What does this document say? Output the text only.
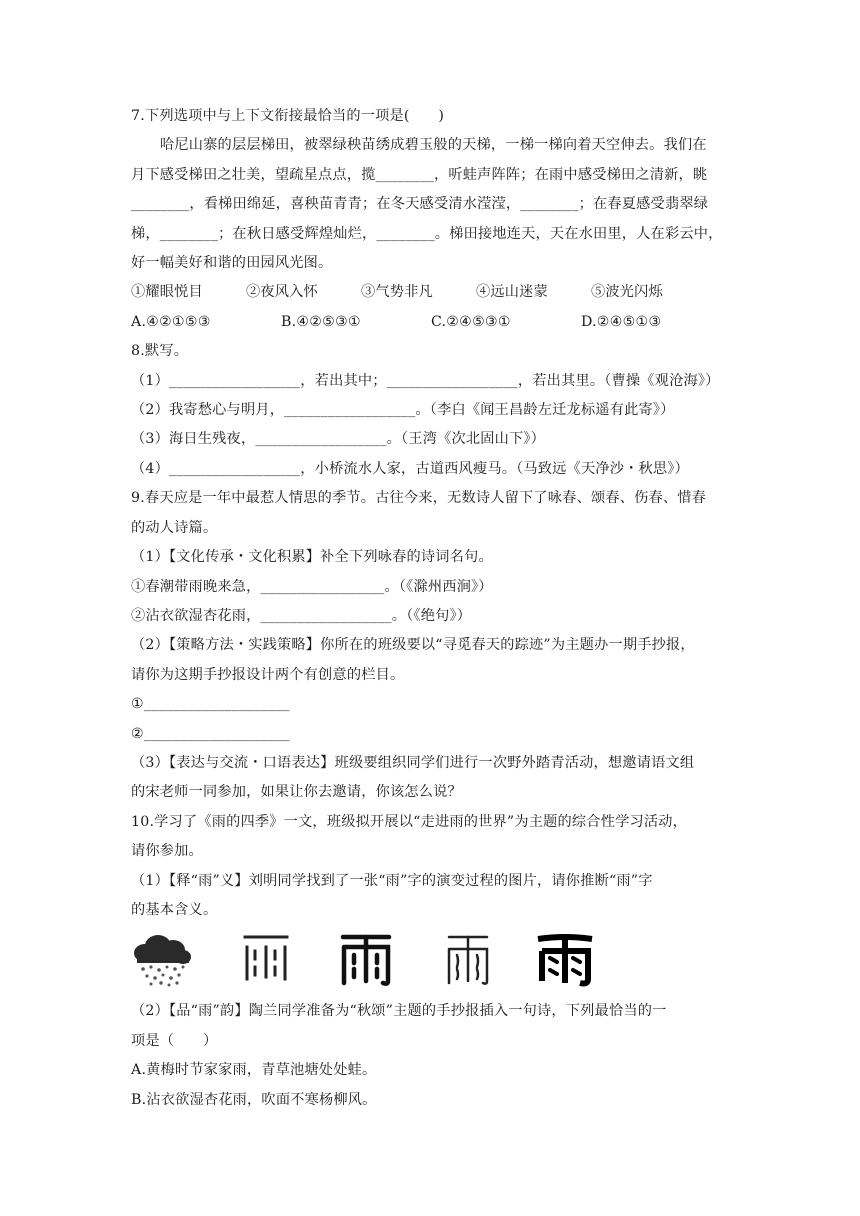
7.下列选项中与上下文衔接最恰当的一项是(　　)
哈尼山寨的层层梯田，被翠绿秧苗绣成碧玉般的天梯，一梯一梯向着天空伸去。我们在
月下感受梯田之壮美，望疏星点点，揽________，听蛙声阵阵；在雨中感受梯田之清新，眺
________，看梯田绵延，喜秧苗青青；在冬天感受清水滢滢，________；在春夏感受翡翠绿
梯，________；在秋日感受辉煌灿烂，________。梯田接地连天，天在水田里，人在彩云中，
好一幅美好和谐的田园风光图。
①耀眼悦目	②夜风入怀	③气势非凡	④远山迷蒙	⑤波光闪烁
A.④②①⑤③	B.④②⑤③①	C.②④⑤③①	D.②④⑤①③
8.默写。
（1）__________________，若出其中；__________________，若出其里。（曹操《观沧海》）
（2）我寄愁心与明月，__________________。（李白《闻王昌龄左迁龙标遥有此寄》）
（3）海日生残夜，__________________。（王湾《次北固山下》）
（4）__________________，小桥流水人家，古道西风瘦马。（马致远《天净沙・秋思》）
9.春天应是一年中最惹人情思的季节。古往今来，无数诗人留下了咏春、颂春、伤春、惜春
的动人诗篇。
（1）【文化传承・文化积累】补全下列咏春的诗词名句。
①春潮带雨晚来急，_________________。（《滁州西涧》）
②沾衣欲湿杏花雨，__________________。（《绝句》）
（2）【策略方法・实践策略】你所在的班级要以“寻觅春天的踪迹”为主题办一期手抄报，
请你为这期手抄报设计两个有创意的栏目。
①____________________
②____________________
（3）【表达与交流・口语表达】班级要组织同学们进行一次野外踏青活动，想邀请语文组
的宋老师一同参加，如果让你去邀请，你该怎么说？
10.学习了《雨的四季》一文，班级拟开展以“走进雨的世界”为主题的综合性学习活动，
请你参加。
（1）【释“雨”义】刘明同学找到了一张“雨”字的演变过程的图片，请你推断“雨”字
的基本含义。
（2）【品“雨”韵】陶兰同学准备为“秋颂”主题的手抄报插入一句诗，下列最恰当的一
项是（　　）
A.黄梅时节家家雨，青草池塘处处蛙。
B.沾衣欲湿杏花雨，吹面不寒杨柳风。
